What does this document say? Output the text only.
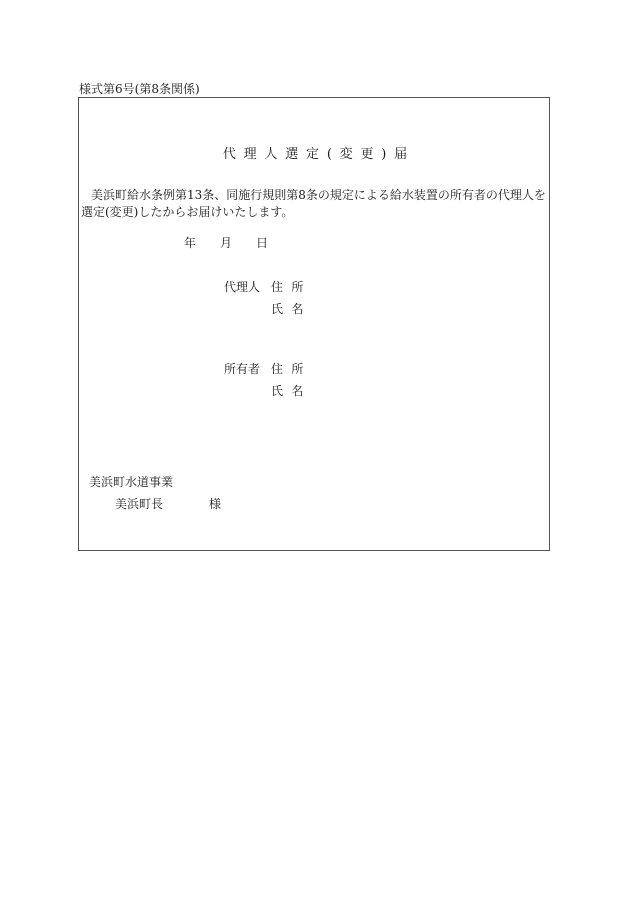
様式第6号(第8条関係)
代理人選定(変更)届
美浜町給水条例第13条、同施行規則第8条の規定による給水装置の所有者の代理人を選定(変更)したからお届けいたします。
年 月 日
代理人 住所
氏名
所有者 住所
氏名
美浜町水道事業
美浜町長	様
